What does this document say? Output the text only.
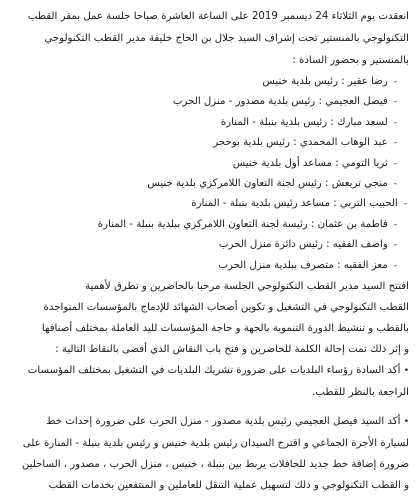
انعقدت يوم الثلاثاء 24 ديسمبر 2019 على الساعة العاشرة صباحا جلسة عمل بمقر القطب
التكنولوجي بالمنستير تحت إشراف السيد جلال بن الحاج خليفة مدير القطب التكنولوجي
بالمنستير و بحضور السادة :
-
رضا عقير : رئيس بلدية خنيس
-
فيصل العجيمي : رئيس بلدية مصدور - منزل الحرب
-
لسعد مبارك : رئيس بلدية بنبلة - المنارة
-
عبد الوهاب المحمدي : رئيس بلدية بوحجر
-
ثريا التومي : مساعد أول بلدية خنيس
-
منجي تريعش : رئيس لجنة التعاون اللامركزي بلدية خنيس
-
الحبيب التربي : مساعد رئيس بلدية بنبلة - المنارة
-
فاطمة بن عثمان : رئيسة لجنة التعاون اللامركزي ببلدية بنبلة - المنارة
-
واصف الفقيه : رئيس دائرة منزل الحرب
-
معز الفقيه : متصرف ببلدية منزل الحرب
افتتح السيد مدير القطب التكنولوجي الجلسة مرحبا بالحاضرين و تطرق لأهمية
القطب التكنولوجي في التشغيل و تكوين أصحاب الشهائد للإدماج بالمؤسسات المتواجدة
بالقطب و تنشيط الدورة التنموية بالجهة و حاجة المؤسسات لليد العاملة بمختلف أصنافها
و إثر ذلك تمت إحالة الكلمة للحاضرين و فتح باب النقاش الذي أفضى بالنقاط التالية :
• أكد السادة رؤساء البلديات على ضرورة تشريك البلديات في التشغيل بمختلف المؤسسات
الراجعة بالنظر للقطب.
• أكد السيد فيصل العجيمي رئيس بلدية مصدور - منزل الحرب على ضرورة إحداث خط
لسيارة الأجرة الجماعي و اقترح السيدان رئيس بلدية خنيس و رئيس بلدية بنبلة - المنارة على
ضرورة إضافة خط جديد للحافلات يربط بين بنبلة ، خنيس ، منزل الحرب ، مصدور ، الساحلين
و القطب التكنولوجي و ذلك لتسهيل عملية التنقل للعاملين و المنتفعين بخدمات القطب
